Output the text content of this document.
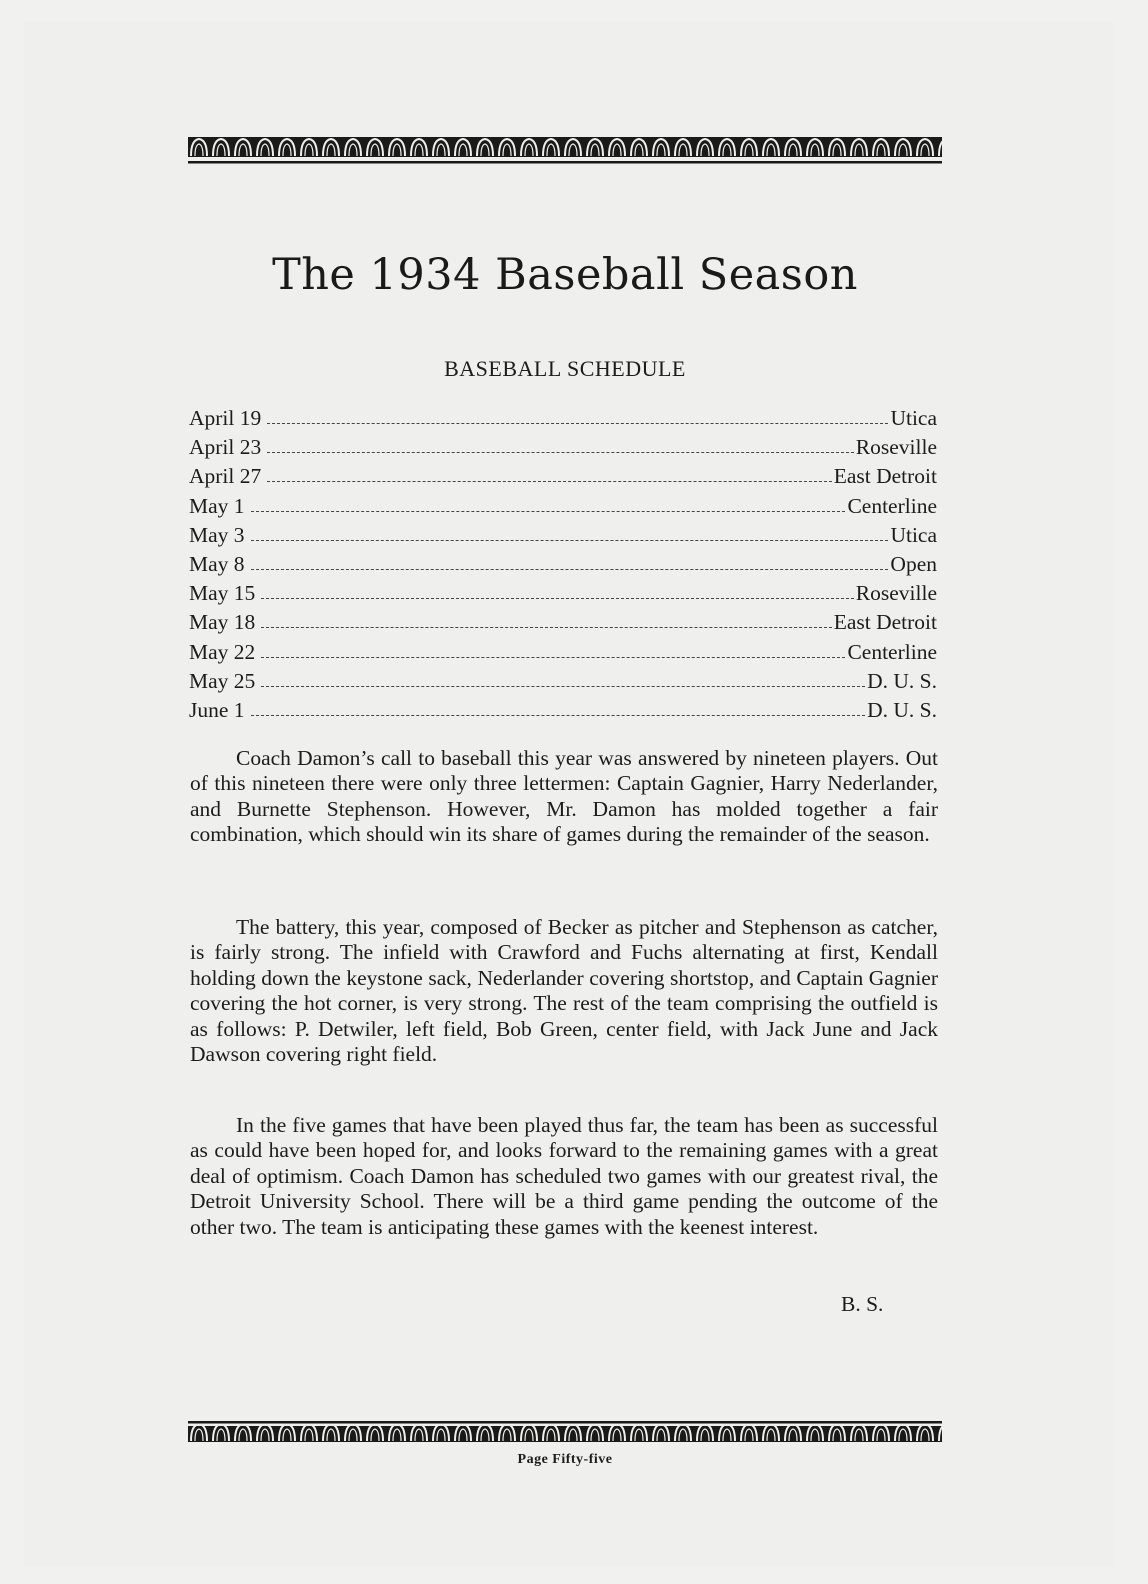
The 1934 Baseball Season
BASEBALL SCHEDULE
April 19	Utica
April 23	Roseville
April 27	East Detroit
May 1	Centerline
May 3	Utica
May 8	Open
May 15	Roseville
May 18	East Detroit
May 22	Centerline
May 25	D. U. S.
June 1	D. U. S.

Coach Damon’s call to baseball this year was answered by nineteen players. Out of this nineteen there were only three lettermen: Captain Gagnier, Harry Nederlander, and Burnette Stephenson. However, Mr. Damon has molded together a fair combination, which should win its share of games during the remainder of the season.

The battery, this year, composed of Becker as pitcher and Stephenson as catcher, is fairly strong. The infield with Crawford and Fuchs alternating at first, Kendall holding down the keystone sack, Nederlander covering shortstop, and Captain Gagnier covering the hot corner, is very strong. The rest of the team comprising the outfield is as follows: P. Detwiler, left field, Bob Green, center field, with Jack June and Jack Dawson covering right field.

In the five games that have been played thus far, the team has been as successful as could have been hoped for, and looks forward to the remaining games with a great deal of optimism. Coach Damon has scheduled two games with our greatest rival, the Detroit University School. There will be a third game pending the outcome of the other two. The team is anticipating these games with the keenest interest.

B. S.
Page Fifty-five
